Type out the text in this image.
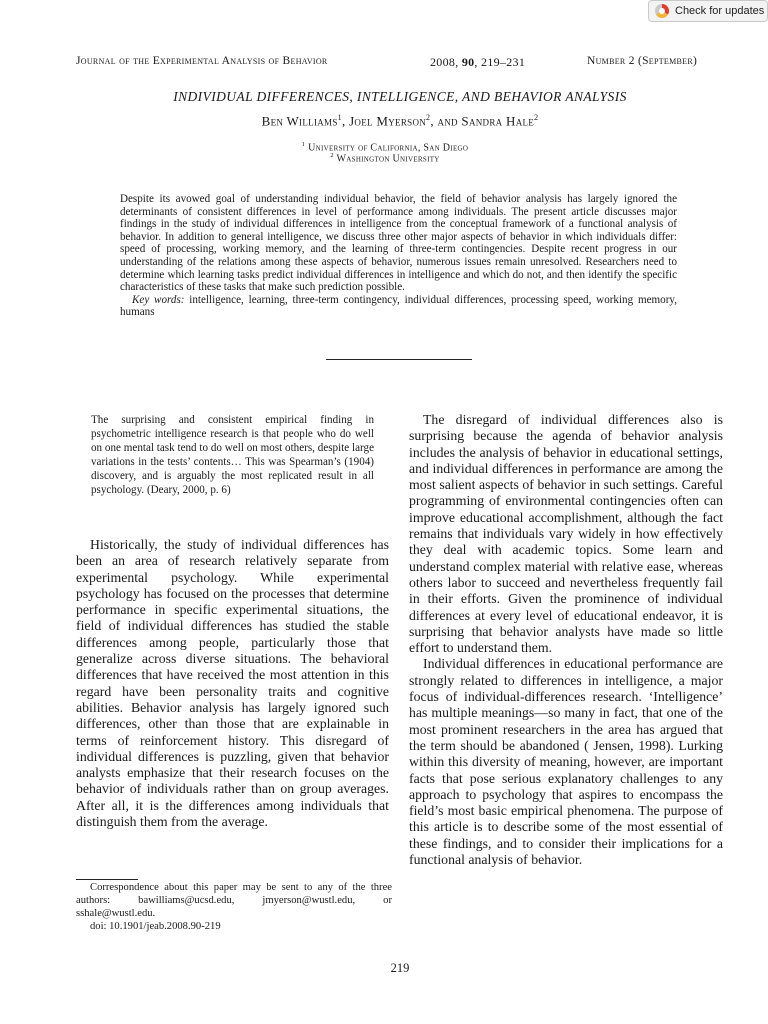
Check for updates
Journal of the Experimental Analysis of Behavior	2008, 90, 219–231	Number 2 (September)
INDIVIDUAL DIFFERENCES, INTELLIGENCE, AND BEHAVIOR ANALYSIS
Ben Williams$^1$, Joel Myerson$^2$, and Sandra Hale$^2$
$^1$ University of California, San Diego
$^2$ Washington University

Despite its avowed goal of understanding individual behavior, the field of behavior analysis has largely ignored the determinants of consistent differences in level of performance among individuals. The present article discusses major findings in the study of individual differences in intelligence from the conceptual framework of a functional analysis of behavior. In addition to general intelligence, we discuss three other major aspects of behavior in which individuals differ: speed of processing, working memory, and the learning of three-term contingencies. Despite recent progress in our understanding of the relations among these aspects of behavior, numerous issues remain unresolved. Researchers need to determine which learning tasks predict individual differences in intelligence and which do not, and then identify the specific characteristics of these tasks that make such prediction possible.

Key words: intelligence, learning, three-term contingency, individual differences, processing speed, working memory, humans

The surprising and consistent empirical finding in psychometric intelligence research is that people who do well on one mental task tend to do well on most others, despite large variations in the tests’ contents… This was Spearman’s (1904) discovery, and is arguably the most replicated result in all psychology. (Deary, 2000, p. 6)

Historically, the study of individual differences has been an area of research relatively separate from experimental psychology. While experimental psychology has focused on the processes that determine performance in specific experimental situations, the field of individual differences has studied the stable differences among people, particularly those that generalize across diverse situations. The behavioral differences that have received the most attention in this regard have been personality traits and cognitive abilities. Behavior analysis has largely ignored such differences, other than those that are explainable in terms of reinforcement history. This disregard of individual differences is puzzling, given that behavior analysts emphasize that their research focuses on the behavior of individuals rather than on group averages. After all, it is the differences among individuals that distinguish them from the average.

Correspondence about this paper may be sent to any of the three authors: bawilliams@ucsd.edu, jmyerson@wustl.edu, or sshale@wustl.edu.

doi: 10.1901/jeab.2008.90-219

The disregard of individual differences also is surprising because the agenda of behavior analysis includes the analysis of behavior in educational settings, and individual differences in performance are among the most salient aspects of behavior in such settings. Careful programming of environmental contingencies often can improve educational accomplishment, although the fact remains that individuals vary widely in how effectively they deal with academic topics. Some learn and understand complex material with relative ease, whereas others labor to succeed and nevertheless frequently fail in their efforts. Given the prominence of individual differences at every level of educational endeavor, it is surprising that behavior analysts have made so little effort to understand them.

Individual differences in educational performance are strongly related to differences in intelligence, a major focus of individual-differences research. ‘Intelligence’ has multiple meanings—so many in fact, that one of the most prominent researchers in the area has argued that the term should be abandoned ( Jensen, 1998). Lurking within this diversity of meaning, however, are important facts that pose serious explanatory challenges to any approach to psychology that aspires to encompass the field’s most basic empirical phenomena. The purpose of this article is to describe some of the most essential of these findings, and to consider their implications for a functional analysis of behavior.

219
